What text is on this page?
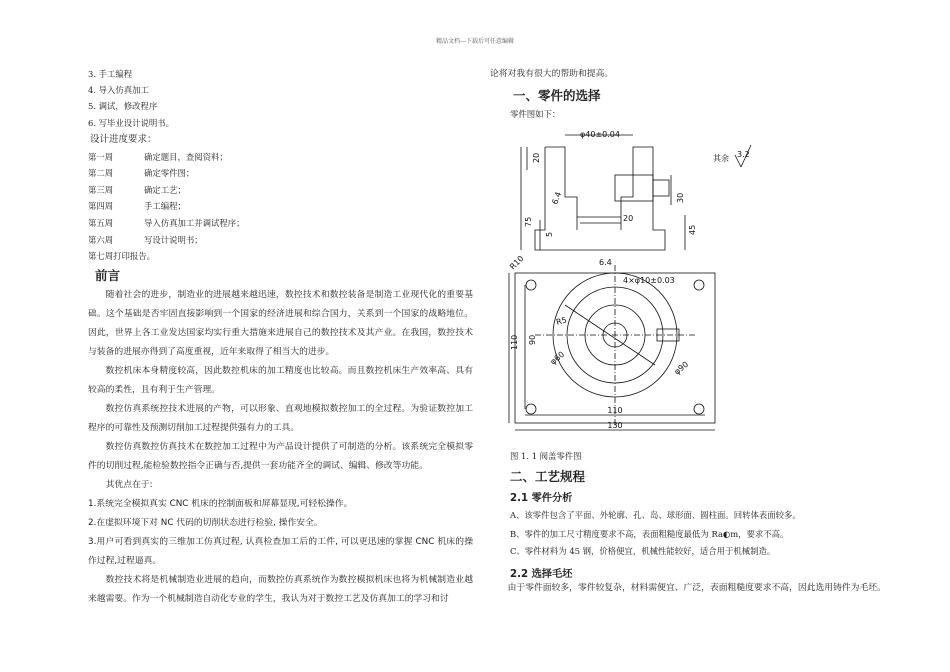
精品文档---下载后可任意编辑
3. 手工编程
4. 导入仿真加工
5. 调试，修改程序
6. 写毕业设计说明书。
设计进度要求：
第一周	确定题目，查阅资料；
第二周	确定零件图；
第三周	确定工艺；
第四周	手工编程；
第五周	导入仿真加工并调试程序；
第六周	写设计说明书；
第七周打印报告。
前言
随着社会的进步，制造业的进展越来越迅速，数控技术和数控装备是制造工业现代化的重要基础。这个基础是否牢固直接影响到一个国家的经济进展和综合国力，关系到一个国家的战略地位。因此，世界上各工业发达国家均实行重大措施来进展自己的数控技术及其产业。在我国，数控技术与装备的进展亦得到了高度重视，近年来取得了相当大的进步。
数控机床本身精度较高，因此数控机床的加工精度也比较高。而且数控机床生产效率高、具有较高的柔性，且有利于生产管理。
数控仿真系统控技术进展的产物，可以形象、直观地模拟数控加工的全过程。为验证数控加工程序的可靠性及预测切削加工过程提供强有力的工具。
数控仿真数控仿真技术在数控加工过程中为产品设计提供了可制造的分析。该系统完全模拟零件的切削过程,能检验数控指令正确与否,提供一套功能齐全的调试、编辑、修改等功能。
其优点在于:
1.系统完全模拟真实 CNC 机床的控制面板和屏幕显现,可轻松操作。
2.在虚拟环境下对 NC 代码的切削状态进行检验, 操作安全。
3.用户可看到真实的三维加工仿真过程, 认真检查加工后的工件, 可以更迅速的掌握 CNC 机床的操作过程,过程逼真。
数控技术将是机械制造业进展的趋向，而数控仿真系统作为数控模拟机床也将为机械制造业越来越需要。作为一个机械制造自动化专业的学生，我认为对于数控工艺及仿真加工的学习和讨
论将对我有很大的帮助和提高。
一、零件的选择
零件图如下：
φ40±0.04
20
75
5
30
45
6.4
6.4
其余 3.2
R10
4×φ10±0.03
R5
110 90
φ60
φ90
110
130
20
图 1. 1 阀盖零件图
二、工艺规程
2.1 零件分析
A、该零件包含了平面、外轮廓、孔、岛、球形面、圆柱面。回转体表面较多。
B、零件的加工尺寸精度要求不高，表面粗糙度最低为 Ra◐m，要求不高。
C、零件材料为 45 钢，价格便宜，机械性能较好，适合用于机械制造。
2.2 选择毛坯
由于零件面较多，零件较复杂，材料需便宜、广泛，表面粗糙度要求不高，因此选用铸件为毛坯。
